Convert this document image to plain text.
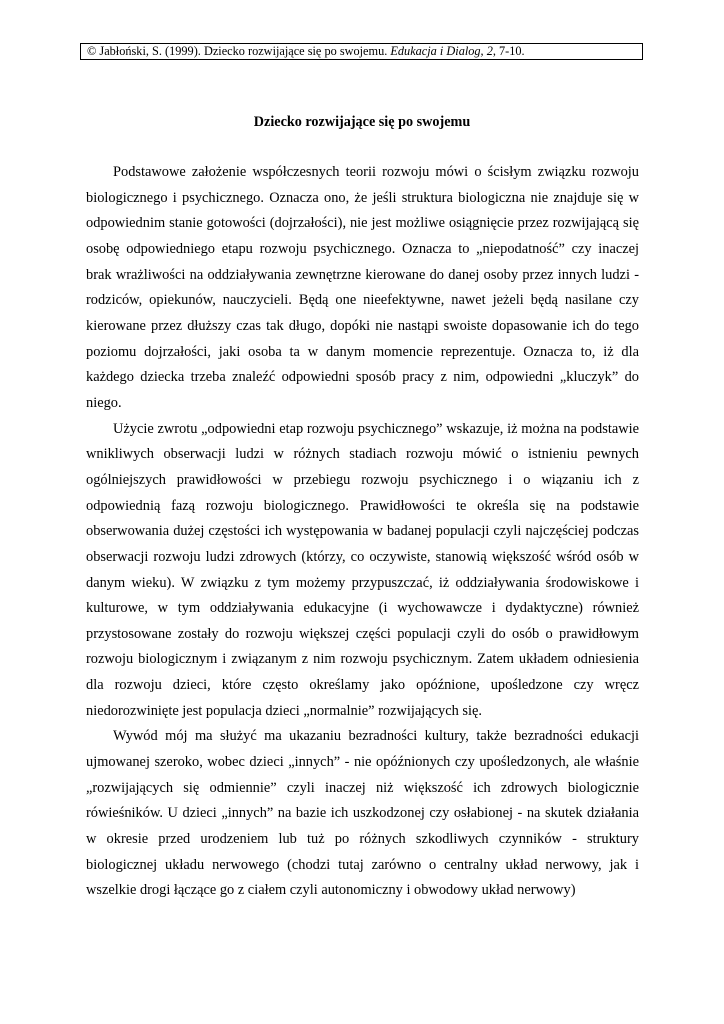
© Jabłoński, S. (1999). Dziecko rozwijające się po swojemu. Edukacja i Dialog, 2, 7-10.
Dziecko rozwijające się po swojemu

Podstawowe założenie współczesnych teorii rozwoju mówi o ścisłym związku rozwoju biologicznego i psychicznego. Oznacza ono, że jeśli struktura biologiczna nie znajduje się w odpowiednim stanie gotowości (dojrzałości), nie jest możliwe osiągnięcie przez rozwijającą się osobę odpowiedniego etapu rozwoju psychicznego. Oznacza to „niepodatność” czy inaczej brak wrażliwości na oddziaływania zewnętrzne kierowane do danej osoby przez innych ludzi - rodziców, opiekunów, nauczycieli. Będą one nieefektywne, nawet jeżeli będą nasilane czy kierowane przez dłuższy czas tak długo, dopóki nie nastąpi swoiste dopasowanie ich do tego poziomu dojrzałości, jaki osoba ta w danym momencie reprezentuje. Oznacza to, iż dla każdego dziecka trzeba znaleźć odpowiedni sposób pracy z nim, odpowiedni „kluczyk” do niego.

Użycie zwrotu „odpowiedni etap rozwoju psychicznego” wskazuje, iż można na podstawie wnikliwych obserwacji ludzi w różnych stadiach rozwoju mówić o istnieniu pewnych ogólniejszych prawidłowości w przebiegu rozwoju psychicznego i o wiązaniu ich z odpowiednią fazą rozwoju biologicznego. Prawidłowości te określa się na podstawie obserwowania dużej częstości ich występowania w badanej populacji czyli najczęściej podczas obserwacji rozwoju ludzi zdrowych (którzy, co oczywiste, stanowią większość wśród osób w danym wieku). W związku z tym możemy przypuszczać, iż oddziaływania środowiskowe i kulturowe, w tym oddziaływania edukacyjne (i wychowawcze i dydaktyczne) również przystosowane zostały do rozwoju większej części populacji czyli do osób o prawidłowym rozwoju biologicznym i związanym z nim rozwoju psychicznym. Zatem układem odniesienia dla rozwoju dzieci, które często określamy jako opóźnione, upośledzone czy wręcz niedorozwinięte jest populacja dzieci „normalnie” rozwijających się.

Wywód mój ma służyć ma ukazaniu bezradności kultury, także bezradności edukacji ujmowanej szeroko, wobec dzieci „innych” - nie opóźnionych czy upośledzonych, ale właśnie „rozwijających się odmiennie” czyli inaczej niż większość ich zdrowych biologicznie rówieśników. U dzieci „innych” na bazie ich uszkodzonej czy osłabionej - na skutek działania w okresie przed urodzeniem lub tuż po różnych szkodliwych czynników - struktury biologicznej układu nerwowego (chodzi tutaj zarówno o centralny układ nerwowy, jak i wszelkie drogi łączące go z ciałem czyli autonomiczny i obwodowy układ nerwowy)
